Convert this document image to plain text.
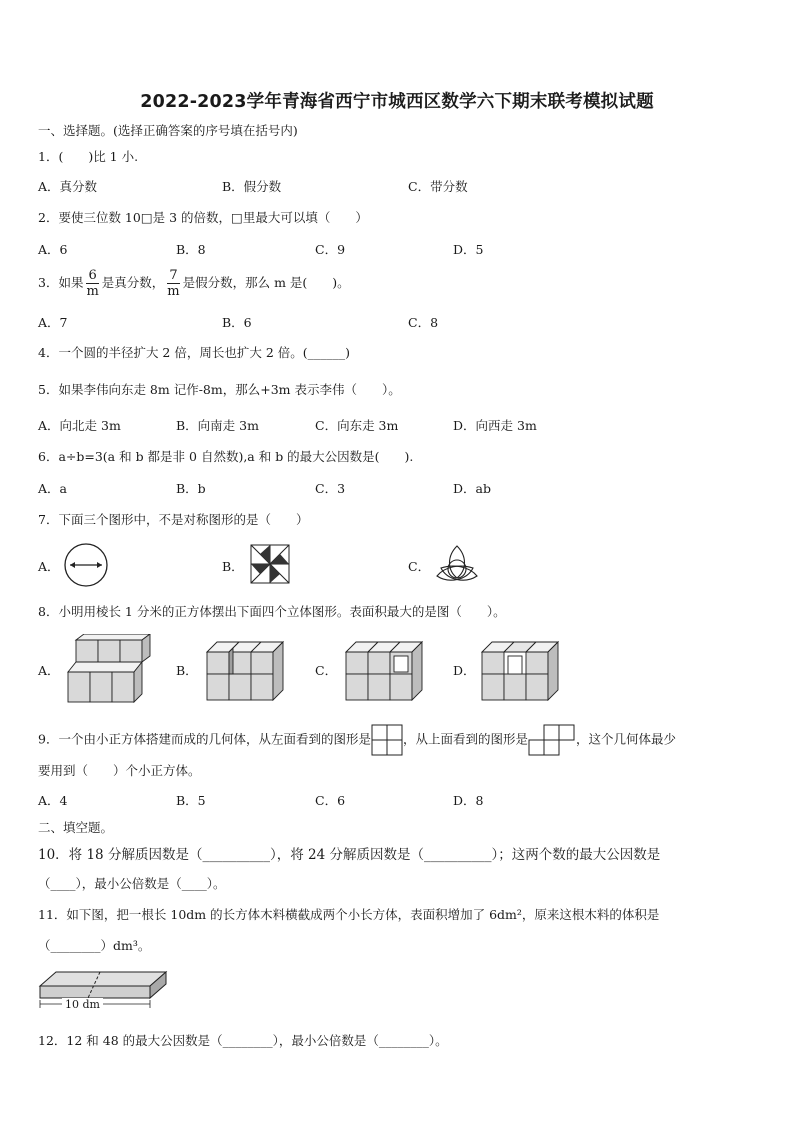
2022-2023学年青海省西宁市城西区数学六下期末联考模拟试题
一、选择题。(选择正确答案的序号填在括号内)
1．(　　)比 1 小.
A．真分数	B．假分数	C．带分数
2．要使三位数 10□是 3 的倍数，□里最大可以填（　　）
A．6	B．8	C．9	D．5
3．如果 $\frac{6}{m}$ 是真分数， $\frac{7}{m}$ 是假分数，那么 m 是(　　)。
A．7	B．6	C．8
4．一个圆的半径扩大 2 倍，周长也扩大 2 倍。(______)
5．如果李伟向东走 8m 记作-8m，那么+3m 表示李伟（　　）。
A．向北走 3m	B．向南走 3m	C．向东走 3m	D．向西走 3m
6．a÷b=3(a 和 b 都是非 0 自然数),a 和 b 的最大公因数是(　　).
A．a	B．b	C．3	D．ab
7．下面三个图形中，不是对称图形的是（　　）
A．	B．	C．
8．小明用棱长 1 分米的正方体摆出下面四个立体图形。表面积最大的是图（　　）。
A．	B．	C．	D．
9．一个由小正方体搭建而成的几何体，从左面看到的图形是	，从上面看到的图形是	，这个几何体最少
要用到（　　）个小正方体。
A．4	B．5	C．6	D．8
二、填空题。
10．将 18 分解质因数是（__________），将 24 分解质因数是（__________）；这两个数的最大公因数是
（____），最小公倍数是（____）。
11．如下图，把一根长 10dm 的长方体木料横截成两个小长方体，表面积增加了 6dm²，原来这根木料的体积是
（________）dm³。
10 dm
12．12 和 48 的最大公因数是（________），最小公倍数是（________）。
